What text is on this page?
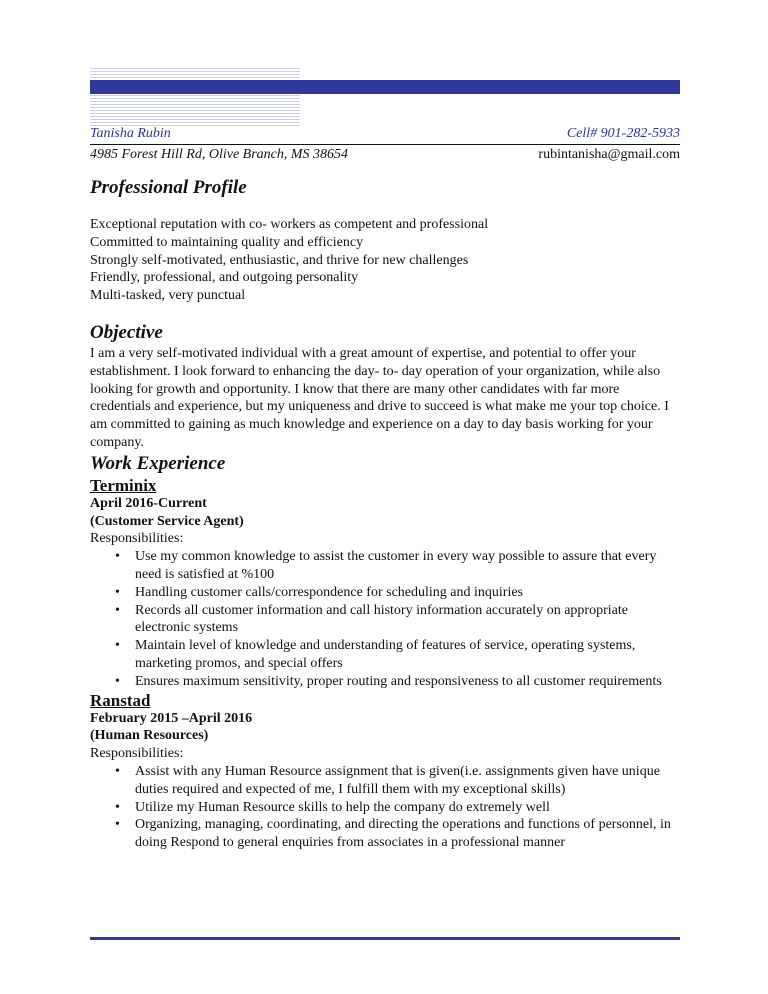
Tanisha Rubin	Cell# 901-282-5933
4985 Forest Hill Rd, Olive Branch, MS 38654	rubintanisha@gmail.com
Professional Profile
Exceptional reputation with co- workers as competent and professional
Committed to maintaining quality and efficiency
Strongly self-motivated, enthusiastic, and thrive for new challenges
Friendly, professional, and outgoing personality
Multi-tasked, very punctual
Objective
I am a very self-motivated individual with a great amount of expertise, and potential to offer your establishment. I look forward to enhancing the day- to- day operation of your organization, while also looking for growth and opportunity. I know that there are many other candidates with far more credentials and experience, but my uniqueness and drive to succeed is what make me your top choice. I am committed to gaining as much knowledge and experience on a day to day basis working for your company.
Work Experience
Terminix
April 2016-Current
(Customer Service Agent)
Responsibilities:
• Use my common knowledge to assist the customer in every way possible to assure that every need is satisfied at %100
• Handling customer calls/correspondence for scheduling and inquiries
• Records all customer information and call history information accurately on appropriate electronic systems
• Maintain level of knowledge and understanding of features of service, operating systems, marketing promos, and special offers
• Ensures maximum sensitivity, proper routing and responsiveness to all customer requirements
Ranstad
February 2015 –April 2016
(Human Resources)
Responsibilities:
• Assist with any Human Resource assignment that is given(i.e. assignments given have unique duties required and expected of me, I fulfill them with my exceptional skills)
• Utilize my Human Resource skills to help the company do extremely well
• Organizing, managing, coordinating, and directing the operations and functions of personnel, in doing Respond to general enquiries from associates in a professional manner
